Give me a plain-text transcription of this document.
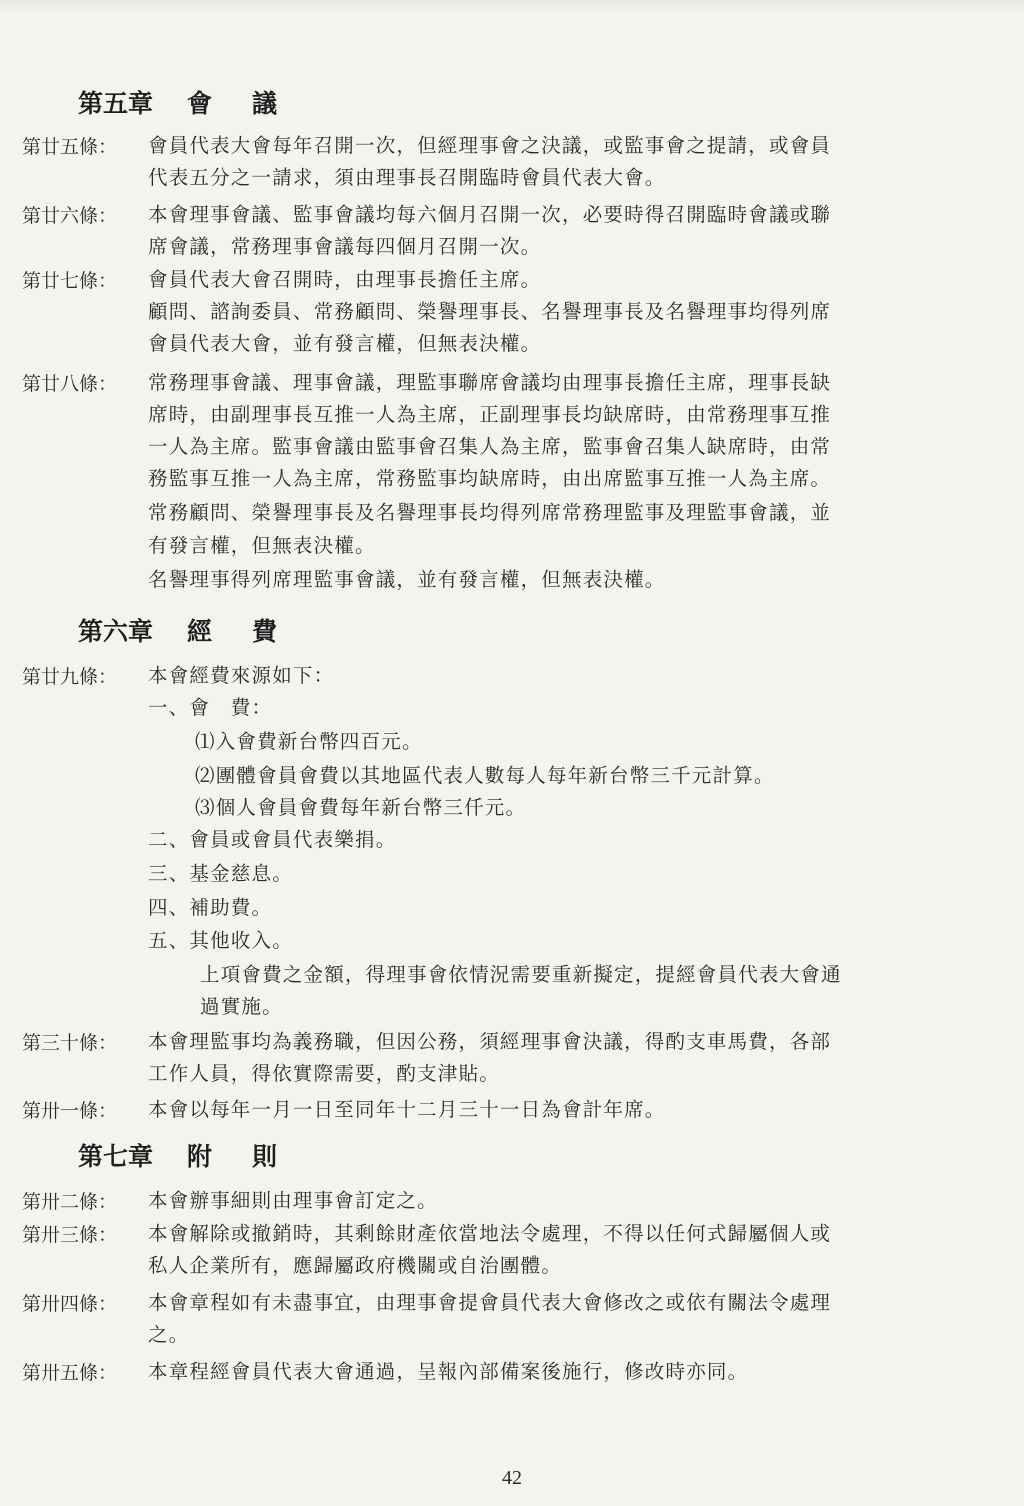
第五章 會 議
第廿五條：	會員代表大會每年召開一次，但經理事會之決議，或監事會之提請，或會員
代表五分之一請求，須由理事長召開臨時會員代表大會。
第廿六條：	本會理事會議、監事會議均每六個月召開一次，必要時得召開臨時會議或聯
席會議，常務理事會議每四個月召開一次。
第廿七條：	會員代表大會召開時，由理事長擔任主席。
顧問、諮詢委員、常務顧問、榮譽理事長、名譽理事長及名譽理事均得列席
會員代表大會，並有發言權，但無表決權。
第廿八條：	常務理事會議、理事會議，理監事聯席會議均由理事長擔任主席，理事長缺
席時，由副理事長互推一人為主席，正副理事長均缺席時，由常務理事互推
一人為主席。監事會議由監事會召集人為主席，監事會召集人缺席時，由常
務監事互推一人為主席，常務監事均缺席時，由出席監事互推一人為主席。
常務顧問、榮譽理事長及名譽理事長均得列席常務理監事及理監事會議，並
有發言權，但無表決權。
名譽理事得列席理監事會議，並有發言權，但無表決權。
第六章 經 費
第廿九條：	本會經費來源如下：
一、會　費：
⑴入會費新台幣四百元。
⑵團體會員會費以其地區代表人數每人每年新台幣三千元計算。
⑶個人會員會費每年新台幣三仟元。
二、會員或會員代表樂捐。
三、基金慈息。
四、補助費。
五、其他收入。
上項會費之金額，得理事會依情況需要重新擬定，提經會員代表大會通
過實施。
第三十條：	本會理監事均為義務職，但因公務，須經理事會決議，得酌支車馬費，各部
工作人員，得依實際需要，酌支津貼。
第卅一條：	本會以每年一月一日至同年十二月三十一日為會計年席。
第七章 附 則
第卅二條：	本會辦事細則由理事會訂定之。
第卅三條：	本會解除或撤銷時，其剩餘財產依當地法令處理，不得以任何式歸屬個人或
私人企業所有，應歸屬政府機關或自治團體。
第卅四條：	本會章程如有未盡事宜，由理事會提會員代表大會修改之或依有關法令處理
之。
第卅五條：	本章程經會員代表大會通過，呈報內部備案後施行，修改時亦同。
42
